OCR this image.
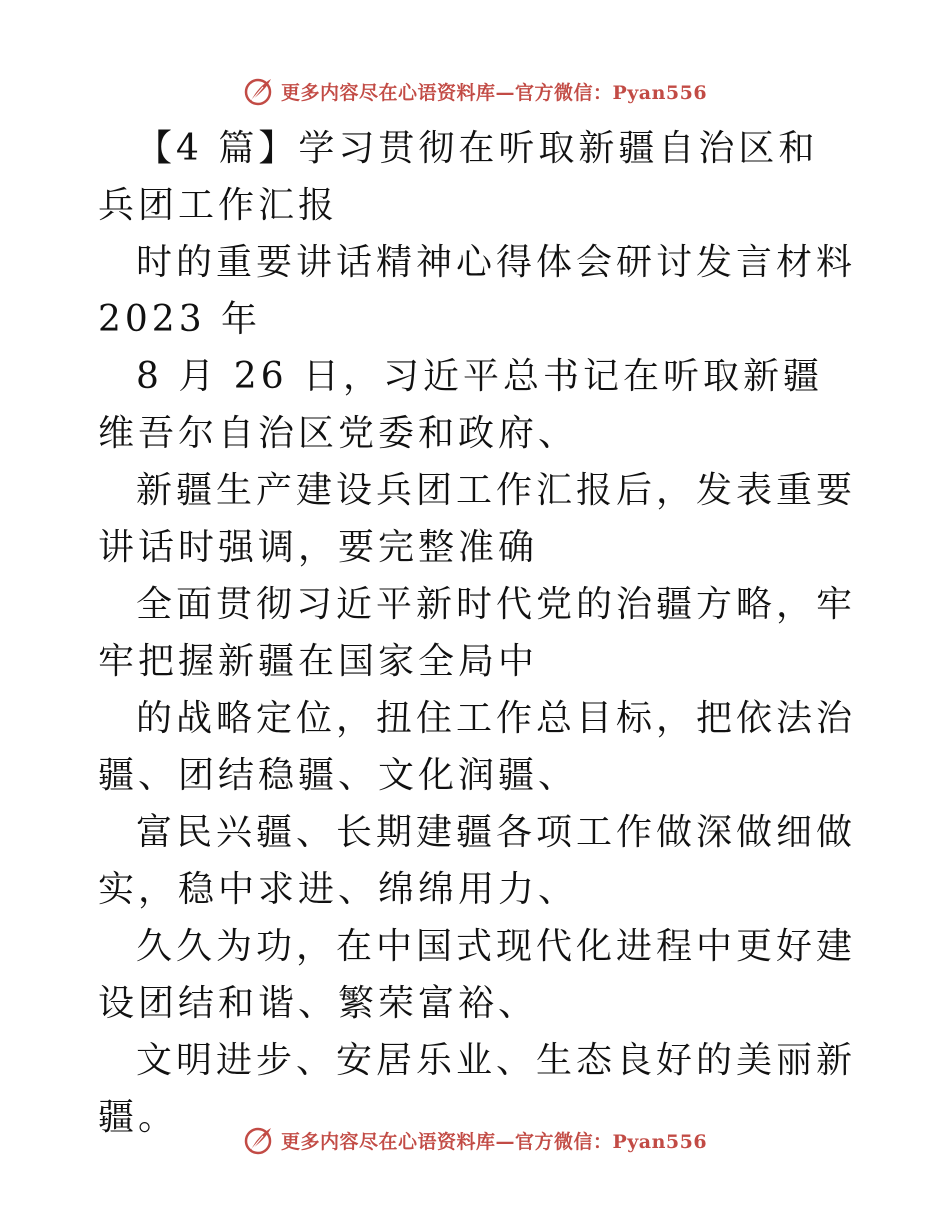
更多内容尽在心语资料库—官方微信：Pyan556

【4 篇】学习贯彻在听取新疆自治区和兵团工作汇报

时的重要讲话精神心得体会研讨发言材料 2023 年

8 月 26 日，习近平总书记在听取新疆维吾尔自治区党委和政府、

新疆生产建设兵团工作汇报后，发表重要讲话时强调，要完整准确

全面贯彻习近平新时代党的治疆方略，牢牢把握新疆在国家全局中

的战略定位，扭住工作总目标，把依法治疆、团结稳疆、文化润疆、

富民兴疆、长期建疆各项工作做深做细做实，稳中求进、绵绵用力、

久久为功，在中国式现代化进程中更好建设团结和谐、繁荣富裕、

文明进步、安居乐业、生态良好的美丽新疆。

更多内容尽在心语资料库—官方微信：Pyan556
